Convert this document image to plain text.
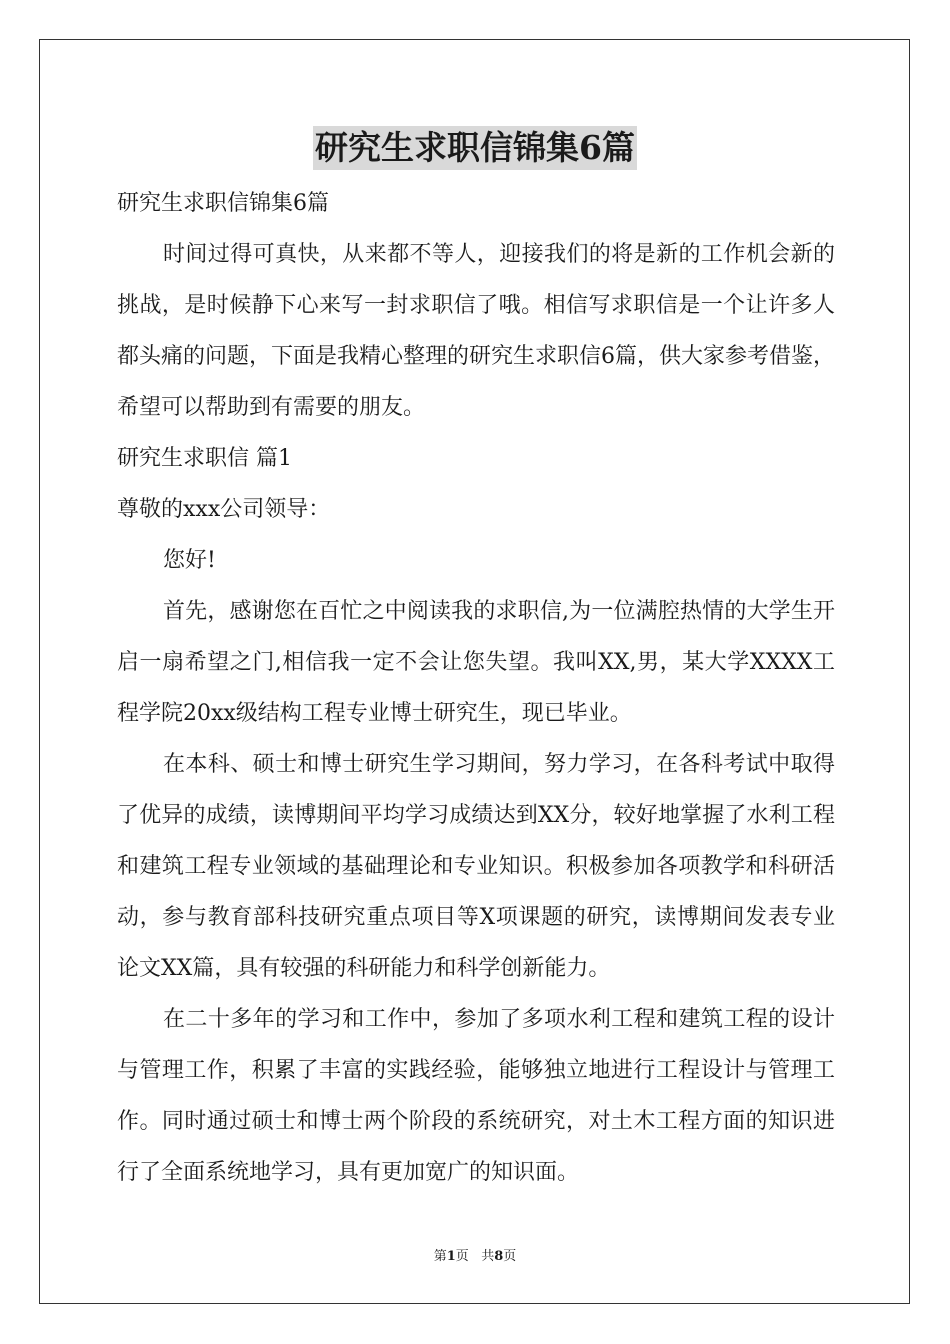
研究生求职信锦集6篇
研究生求职信锦集6篇

时间过得可真快，从来都不等人，迎接我们的将是新的工作机会新的挑战，是时候静下心来写一封求职信了哦。相信写求职信是一个让许多人都头痛的问题，下面是我精心整理的研究生求职信6篇，供大家参考借鉴，希望可以帮助到有需要的朋友。

研究生求职信 篇1
尊敬的xxx公司领导：

您好!

首先，感谢您在百忙之中阅读我的求职信,为一位满腔热情的大学生开启一扇希望之门,相信我一定不会让您失望。我叫XX,男，某大学XXXX工程学院20xx级结构工程专业博士研究生，现已毕业。

在本科、硕士和博士研究生学习期间，努力学习，在各科考试中取得了优异的成绩，读博期间平均学习成绩达到XX分，较好地掌握了水利工程和建筑工程专业领域的基础理论和专业知识。积极参加各项教学和科研活动，参与教育部科技研究重点项目等X项课题的研究，读博期间发表专业论文XX篇，具有较强的科研能力和科学创新能力。

在二十多年的学习和工作中，参加了多项水利工程和建筑工程的设计与管理工作，积累了丰富的实践经验，能够独立地进行工程设计与管理工作。同时通过硕士和博士两个阶段的系统研究，对土木工程方面的知识进行了全面系统地学习，具有更加宽广的知识面。

第1页 共8页
